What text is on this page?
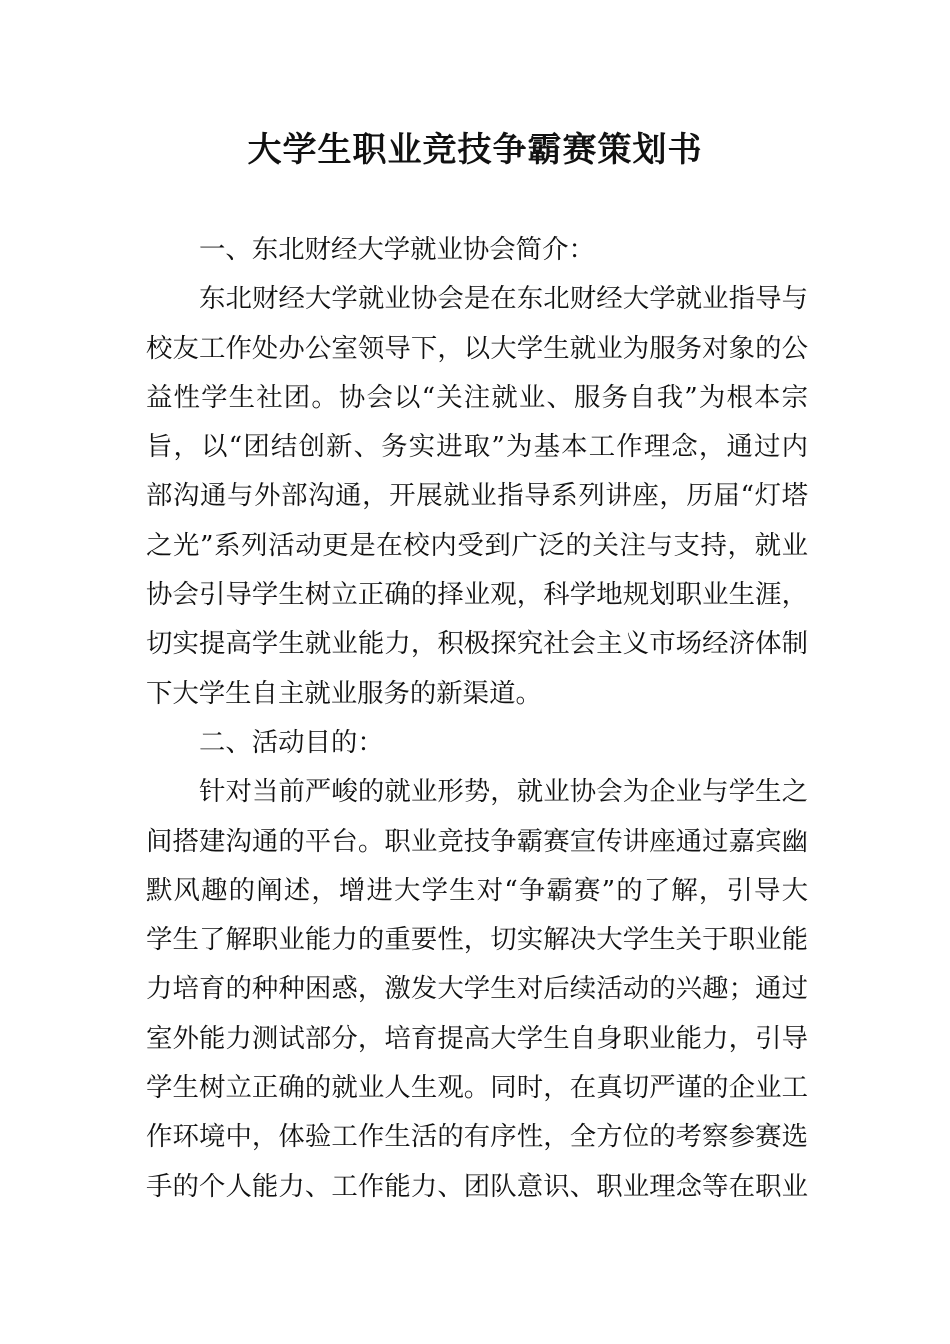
大学生职业竞技争霸赛策划书
一、东北财经大学就业协会简介：
东北财经大学就业协会是在东北财经大学就业指导与
校友工作处办公室领导下，以大学生就业为服务对象的公
益性学生社团。协会以“关注就业、服务自我”为根本宗
旨，以“团结创新、务实进取”为基本工作理念，通过内
部沟通与外部沟通，开展就业指导系列讲座，历届“灯塔
之光”系列活动更是在校内受到广泛的关注与支持，就业
协会引导学生树立正确的择业观，科学地规划职业生涯，
切实提高学生就业能力，积极探究社会主义市场经济体制
下大学生自主就业服务的新渠道。
二、活动目的：
针对当前严峻的就业形势，就业协会为企业与学生之
间搭建沟通的平台。职业竞技争霸赛宣传讲座通过嘉宾幽
默风趣的阐述，增进大学生对“争霸赛”的了解，引导大
学生了解职业能力的重要性，切实解决大学生关于职业能
力培育的种种困惑，激发大学生对后续活动的兴趣；通过
室外能力测试部分，培育提高大学生自身职业能力，引导
学生树立正确的就业人生观。同时，在真切严谨的企业工
作环境中，体验工作生活的有序性，全方位的考察参赛选
手的个人能力、工作能力、团队意识、职业理念等在职业
